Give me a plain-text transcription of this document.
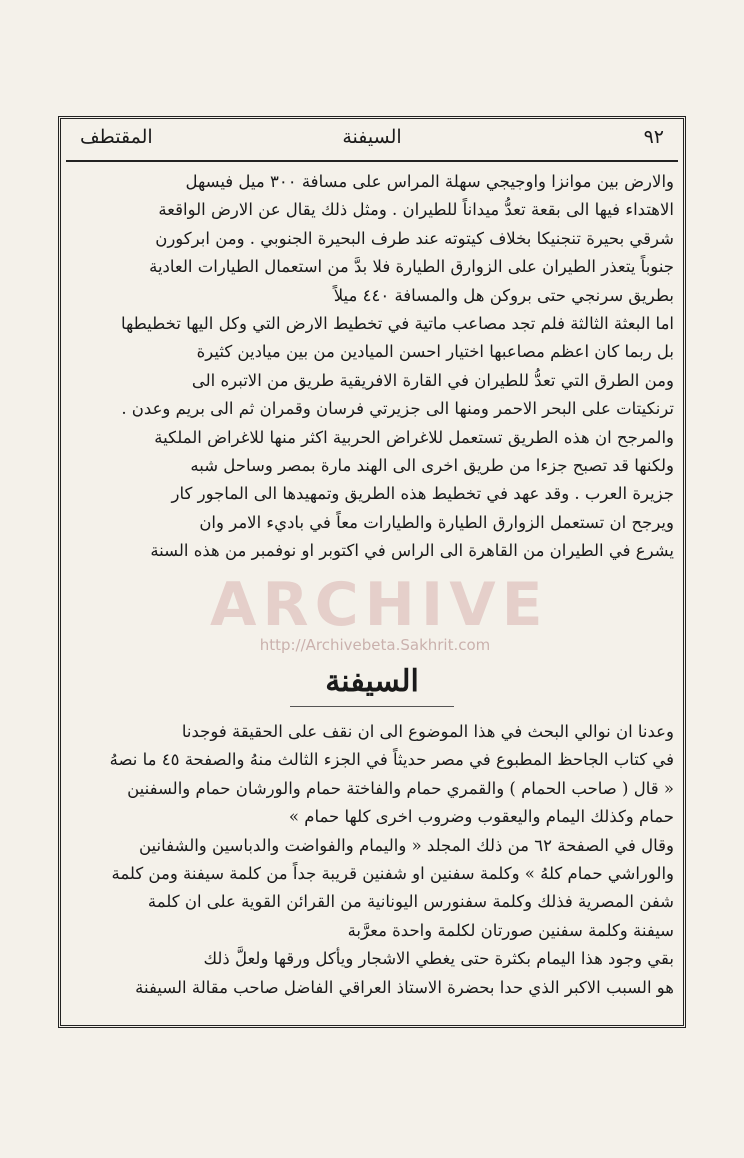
٩٢
السيفنة
المقتطف
والارض بين موانزا واوجيجي سهلة المراس على مسافة ٣٠٠ ميل فيسهل
الاهتداء فيها الى بقعة تعدُّ ميداناً للطيران . ومثل ذلك يقال عن الارض الواقعة
شرقي بحيرة تنجنيكا بخلاف كيتوته عند طرف البحيرة الجنوبي . ومن ابركورن
جنوباً يتعذر الطيران على الزوارق الطيارة فلا بدَّ من استعمال الطيارات العادية
بطريق سرنجي حتى بروكن هل والمسافة ٤٤٠ ميلاً
اما البعثة الثالثة فلم تجد مصاعب ماتية في تخطيط الارض التي وكل اليها تخطيطها
بل ربما كان اعظم مصاعبها اختيار احسن الميادين من بين ميادين كثيرة
ومن الطرق التي تعدُّ للطيران في القارة الافريقية طريق من الاتبره الى
ترنكيتات على البحر الاحمر ومنها الى جزيرتي فرسان وقمران ثم الى بريم وعدن .
والمرجح ان هذه الطريق تستعمل للاغراض الحربية اكثر منها للاغراض الملكية
ولكنها قد تصبح جزءا من طريق اخرى الى الهند مارة بمصر وساحل شبه
جزيرة العرب . وقد عهد في تخطيط هذه الطريق وتمهيدها الى الماجور كار
ويرجح ان تستعمل الزوارق الطيارة والطيارات معاً في باديء الامر وان
يشرع في الطيران من القاهرة الى الراس في اكتوبر او نوفمبر من هذه السنة
ARCHIVE
http://Archivebeta.Sakhrit.com
السيفنة
وعدنا ان نوالي البحث في هذا الموضوع الى ان نقف على الحقيقة فوجدنا
في كتاب الجاحظ المطبوع في مصر حديثاً في الجزء الثالث منهُ والصفحة ٤٥ ما نصهُ
« قال ( صاحب الحمام ) والقمري حمام والفاختة حمام والورشان حمام والسفنين
حمام وكذلك اليمام واليعقوب وضروب اخرى كلها حمام »
وقال في الصفحة ٦٢ من ذلك المجلد « واليمام والفواضت والدباسين والشفانين
والوراشي حمام كلهُ » وكلمة سفنين او شفنين قريبة جداً من كلمة سيفنة ومن كلمة
شفن المصرية فذلك وكلمة سفنورس اليونانية من القرائن القوية على ان كلمة
سيفنة وكلمة سفنين صورتان لكلمة واحدة معرَّبة
بقي وجود هذا اليمام بكثرة حتى يغطي الاشجار ويأكل ورقها ولعلَّ ذلك
هو السبب الاكبر الذي حدا بحضرة الاستاذ العراقي الفاضل صاحب مقالة السيفنة
